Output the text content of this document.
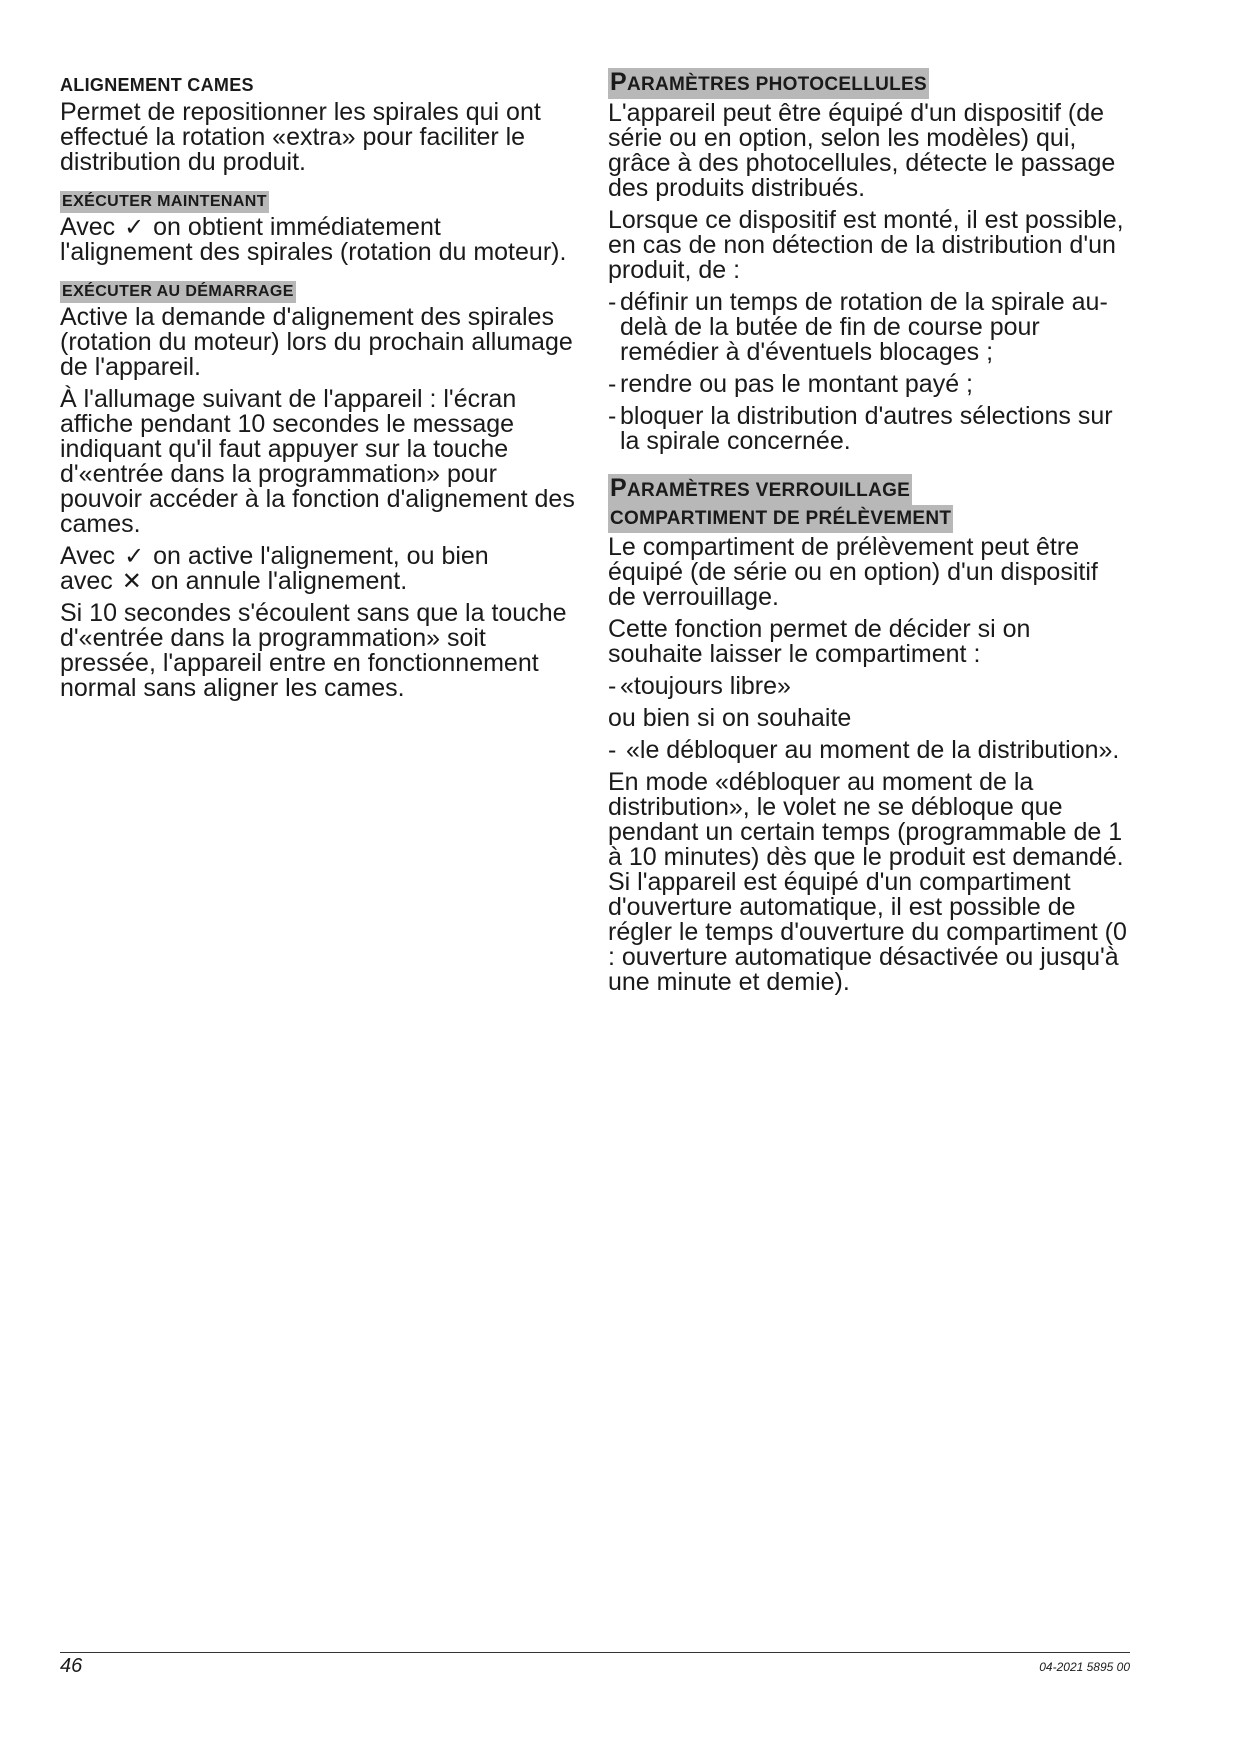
ALIGNEMENT CAMES

Permet de repositionner les spirales qui ont effectué la rotation «extra» pour faciliter le distribution du produit.

EXÉCUTER MAINTENANT

Avec ✓ on obtient immédiatement l'alignement des spirales (rotation du moteur).

EXÉCUTER AU DÉMARRAGE

Active la demande d'alignement des spirales (rotation du moteur) lors du prochain allumage de l'appareil.

À l'allumage suivant de l'appareil : l'écran affiche pendant 10 secondes le message indiquant qu'il faut appuyer sur la touche d'«entrée dans la programmation» pour pouvoir accéder à la fonction d'alignement des cames.

Avec ✓ on active l'alignement, ou bien
avec ✕ on annule l'alignement.

Si 10 secondes s'écoulent sans que la touche d'«entrée dans la programmation» soit pressée, l'appareil entre en fonctionnement normal sans aligner les cames.

PARAMÈTRES PHOTOCELLULES

L'appareil peut être équipé d'un dispositif (de série ou en option, selon les modèles) qui, grâce à des photocellules, détecte le passage des produits distribués.

Lorsque ce dispositif est monté, il est possible, en cas de non détection de la distribution d'un produit, de :

- définir un temps de rotation de la spirale au-delà de la butée de fin de course pour remédier à d'éventuels blocages ;
- rendre ou pas le montant payé ;
- bloquer la distribution d'autres sélections sur la spirale concernée.
PARAMÈTRES VERROUILLAGE
COMPARTIMENT DE PRÉLÈVEMENT

Le compartiment de prélèvement peut être équipé (de série ou en option) d'un dispositif de verrouillage.

Cette fonction permet de décider si on souhaite laisser le compartiment :

- «toujours libre»

ou bien si on souhaite

- «le débloquer au moment de la distribution».

En mode «débloquer au moment de la distribution», le volet ne se débloque que pendant un certain temps (programmable de 1 à 10 minutes) dès que le produit est demandé.

Si l'appareil est équipé d'un compartiment d'ouverture automatique, il est possible de régler le temps d'ouverture du compartiment (0 : ouverture automatique désactivée ou jusqu'à une minute et demie).

46	04-2021 5895 00
